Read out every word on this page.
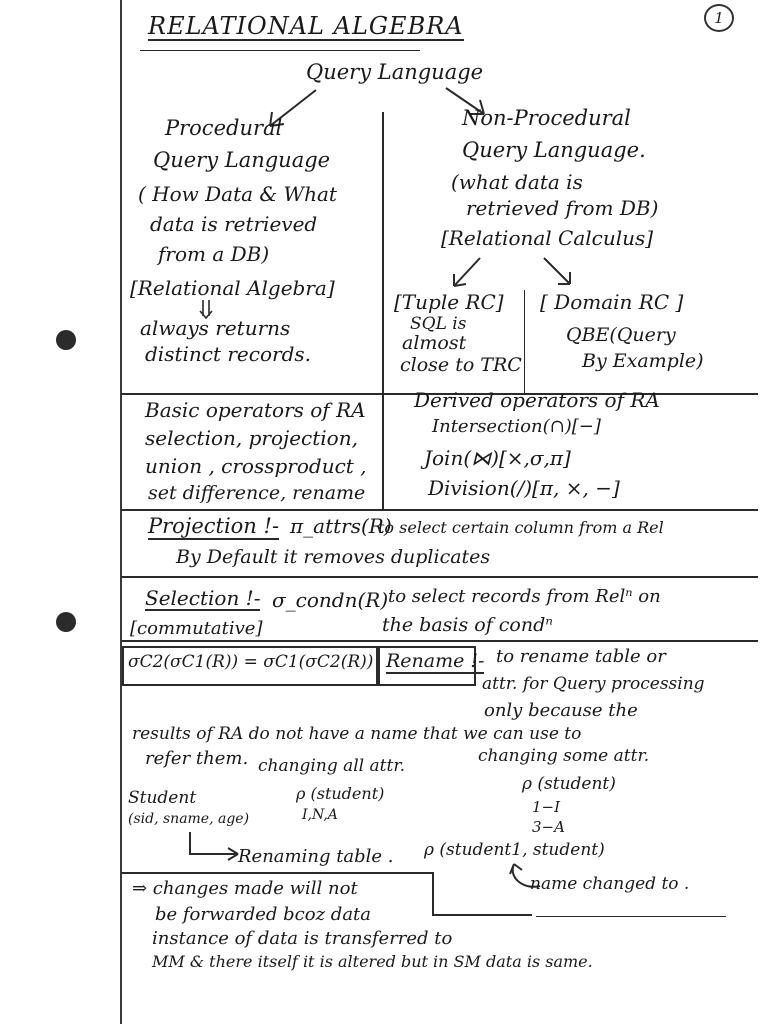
RELATIONAL ALGEBRA	1
Query Language
Procedural
Query Language
( How Data & What
data is retrieved
from a DB)
[Relational Algebra]
always returns
distinct records.
Non-Procedural
Query Language.
(what data is
retrieved from DB)
[Relational Calculus]
[Tuple RC]
SQL is
almost
close to TRC
[ Domain RC ]
QBE(Query
By Example)
Basic operators of RA
selection, projection,
union , crossproduct ,
set difference, rename
Derived operators of RA
Intersection(∩)[−]
Join(⋈)[×,σ,π]
Division(/)[π, ×, −]
Projection !- π_attrs(R)
to select certain column from a Rel
By Default it removes duplicates
Selection !- σ_condn(R) to select records from Relⁿ on
[commutative]	the basis of condⁿ
σC2(σC1(R)) = σC1(σC2(R)) Rename !- to rename table or
attr. for Query processing
only because the
results of RA do not have a name that we can use to
refer them. changing all attr.	changing some attr.
ρ (student)
I,N,A
ρ (student)
1−I
3−A
Student
(sid, sname, age)
Renaming table . ρ (student1, student)
name changed to .
⇒ changes made will not
be forwarded bcoz data
instance of data is transferred to
MM & there itself it is altered but in SM data is same.
